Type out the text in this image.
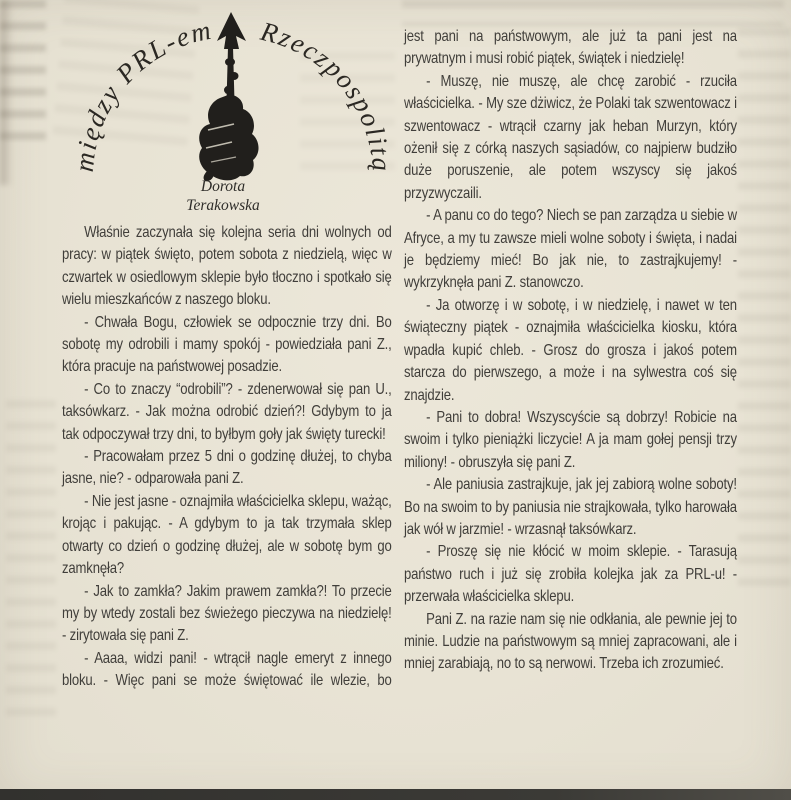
między PRL-em Rzeczpospolitą
Dorota
Terakowska

Właśnie zaczynała się kolejna seria dni wolnych od pracy: w piątek święto, potem sobota z niedzielą, więc w czwartek w osiedlowym sklepie było tłoczno i spotkało się wielu mieszkańców z naszego bloku.

- Chwała Bogu, człowiek se odpocznie trzy dni. Bo sobotę my odrobili i mamy spokój - powiedziała pani Z., która pracuje na państwowej posadzie.

- Co to znaczy “odrobili”? - zdenerwował się pan U., taksówkarz. - Jak można odrobić dzień?! Gdybym to ja tak odpoczywał trzy dni, to byłbym goły jak święty turecki!

- Pracowałam przez 5 dni o godzinę dłużej, to chyba jasne, nie? - odparowała pani Z.

- Nie jest jasne - oznajmiła właścicielka sklepu, ważąc, krojąc i pakując. - A gdybym to ja tak trzymała sklep otwarty co dzień o godzinę dłużej, ale w sobotę bym go zamknęła?

- Jak to zamkła? Jakim prawem zamkła?! To przecie my by wtedy zostali bez świeżego pieczywa na niedzielę! - zirytowała się pani Z.

- Aaaa, widzi pani! - wtrącił nagle emeryt z innego bloku. - Więc pani se może świętować ile wlezie, bo

jest pani na państwowym, ale już ta pani jest na prywatnym i musi robić piątek, świątek i niedzielę!

- Muszę, nie muszę, ale chcę zarobić - rzuciła właścicielka. - My sze dżiwicz, że Polaki tak szwentowacz i szwentowacz - wtrącił czarny jak heban Murzyn, który ożenił się z córką naszych sąsiadów, co najpierw budziło duże poruszenie, ale potem wszyscy się jakoś przyzwyczaili.

- A panu co do tego? Niech se pan zarządza u siebie w Afryce, a my tu zawsze mieli wolne soboty i święta, i nadai je będziemy mieć! Bo jak nie, to zastrajkujemy! - wykrzyknęła pani Z. stanowczo.

- Ja otworzę i w sobotę, i w niedzielę, i nawet w ten świąteczny piątek - oznajmiła właścicielka kiosku, która wpadła kupić chleb. - Grosz do grosza i jakoś potem starcza do pierwszego, a może i na sylwestra coś się znajdzie.

- Pani to dobra! Wszyscyście są dobrzy! Robicie na swoim i tylko pieniążki liczycie! A ja mam gołej pensji trzy miliony! - obruszyła się pani Z.

- Ale paniusia zastrajkuje, jak jej zabiorą wolne soboty! Bo na swoim to by paniusia nie strajkowała, tylko harowała jak wół w jarzmie! - wrzasnął taksówkarz.

- Proszę się nie kłócić w moim sklepie. - Tarasują państwo ruch i już się zrobiła kolejka jak za PRL-u! - przerwała właścicielka sklepu.

Pani Z. na razie nam się nie odkłania, ale pewnie jej to minie. Ludzie na państwowym są mniej zapracowani, ale i mniej zarabiają, no to są nerwowi. Trzeba ich zrozumieć.
